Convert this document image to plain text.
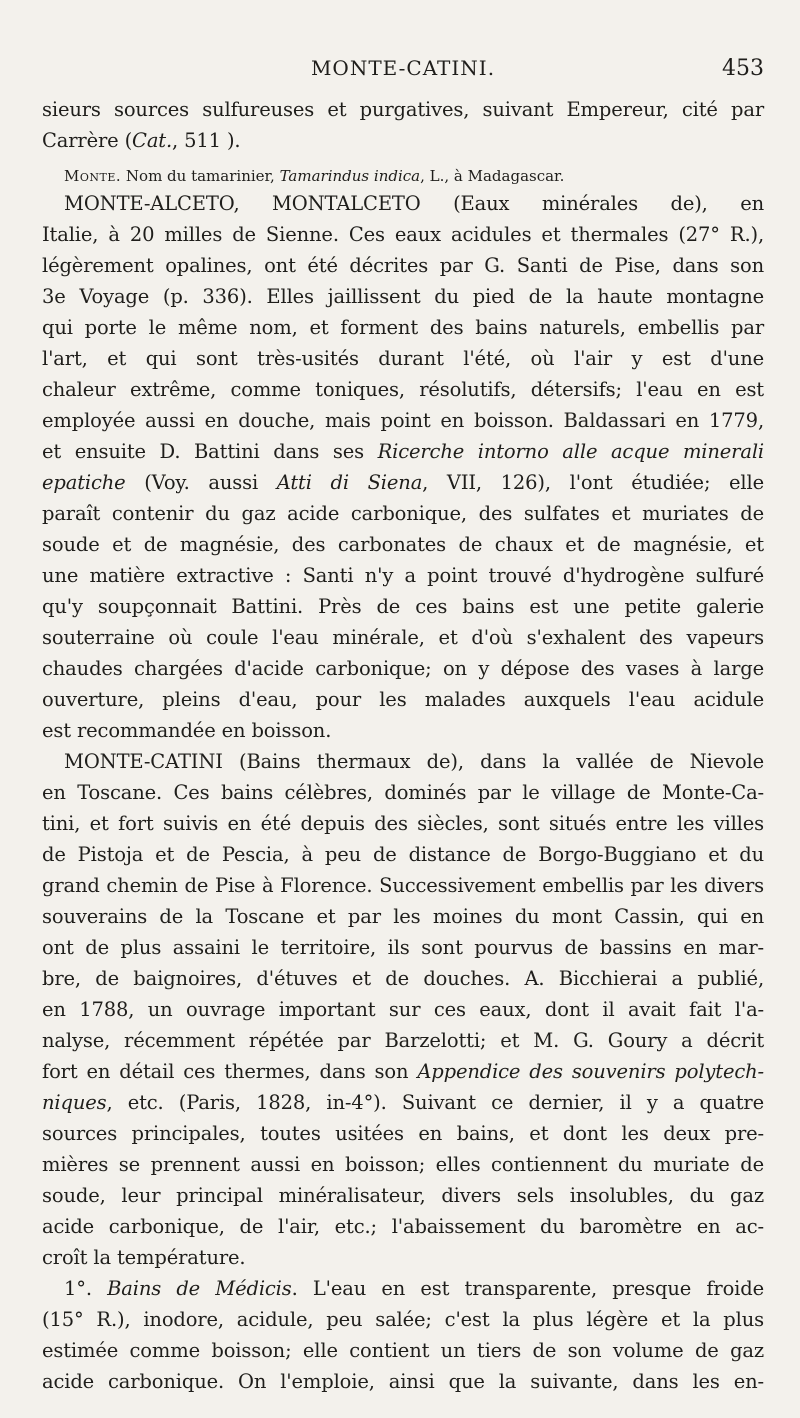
MONTE-CATINI.	453
sieurs sources sulfureuses et purgatives, suivant Empereur, cité par
Carrère (Cat., 511 ).
Monte. Nom du tamarinier, Tamarindus indica, L., à Madagascar.
MONTE-ALCETO, MONTALCETO (Eaux minérales de), en
Italie, à 20 milles de Sienne. Ces eaux acidules et thermales (27° R.),
légèrement opalines, ont été décrites par G. Santi de Pise, dans son
3e Voyage (p. 336). Elles jaillissent du pied de la haute montagne
qui porte le même nom, et forment des bains naturels, embellis par
l'art, et qui sont très-usités durant l'été, où l'air y est d'une
chaleur extrême, comme toniques, résolutifs, détersifs; l'eau en est
employée aussi en douche, mais point en boisson. Baldassari en 1779,
et ensuite D. Battini dans ses Ricerche intorno alle acque minerali
epatiche (Voy. aussi Atti di Siena, VII, 126), l'ont étudiée; elle
paraît contenir du gaz acide carbonique, des sulfates et muriates de
soude et de magnésie, des carbonates de chaux et de magnésie, et
une matière extractive : Santi n'y a point trouvé d'hydrogène sulfuré
qu'y soupçonnait Battini. Près de ces bains est une petite galerie
souterraine où coule l'eau minérale, et d'où s'exhalent des vapeurs
chaudes chargées d'acide carbonique; on y dépose des vases à large
ouverture, pleins d'eau, pour les malades auxquels l'eau acidule
est recommandée en boisson.
MONTE-CATINI (Bains thermaux de), dans la vallée de Nievole
en Toscane. Ces bains célèbres, dominés par le village de Monte-Ca-
tini, et fort suivis en été depuis des siècles, sont situés entre les villes
de Pistoja et de Pescia, à peu de distance de Borgo-Buggiano et du
grand chemin de Pise à Florence. Successivement embellis par les divers
souverains de la Toscane et par les moines du mont Cassin, qui en
ont de plus assaini le territoire, ils sont pourvus de bassins en mar-
bre, de baignoires, d'étuves et de douches. A. Bicchierai a publié,
en 1788, un ouvrage important sur ces eaux, dont il avait fait l'a-
nalyse, récemment répétée par Barzelotti; et M. G. Goury a décrit
fort en détail ces thermes, dans son Appendice des souvenirs polytech-
niques, etc. (Paris, 1828, in-4°). Suivant ce dernier, il y a quatre
sources principales, toutes usitées en bains, et dont les deux pre-
mières se prennent aussi en boisson; elles contiennent du muriate de
soude, leur principal minéralisateur, divers sels insolubles, du gaz
acide carbonique, de l'air, etc.; l'abaissement du baromètre en ac-
croît la température.
1°. Bains de Médicis. L'eau en est transparente, presque froide
(15° R.), inodore, acidule, peu salée; c'est la plus légère et la plus
estimée comme boisson; elle contient un tiers de son volume de gaz
acide carbonique. On l'emploie, ainsi que la suivante, dans les en-
